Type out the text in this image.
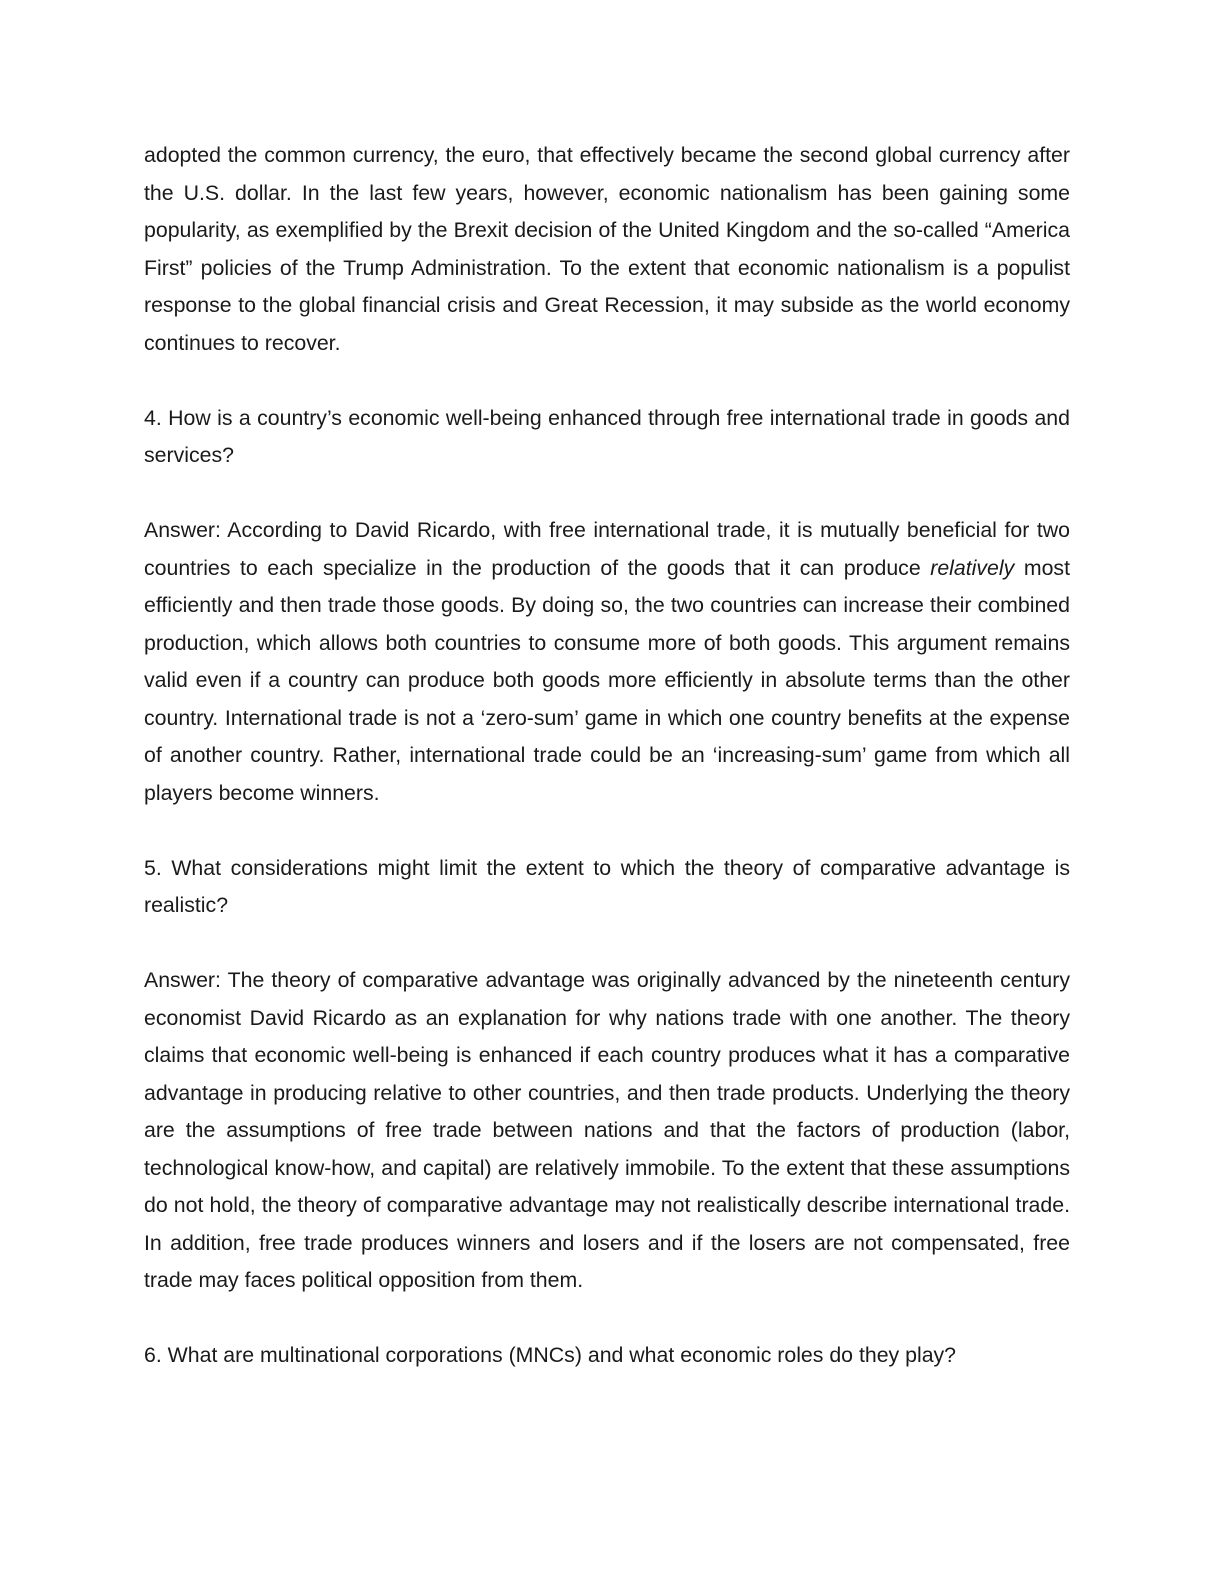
adopted the common currency, the euro, that effectively became the second global currency after the U.S. dollar. In the last few years, however, economic nationalism has been gaining some popularity, as exemplified by the Brexit decision of the United Kingdom and the so-called “America First” policies of the Trump Administration. To the extent that economic nationalism is a populist response to the global financial crisis and Great Recession, it may subside as the world economy continues to recover.

4. How is a country’s economic well-being enhanced through free international trade in goods and services?

Answer: According to David Ricardo, with free international trade, it is mutually beneficial for two countries to each specialize in the production of the goods that it can produce relatively most efficiently and then trade those goods. By doing so, the two countries can increase their combined production, which allows both countries to consume more of both goods. This argument remains valid even if a country can produce both goods more efficiently in absolute terms than the other country. International trade is not a ‘zero-sum’ game in which one country benefits at the expense of another country. Rather, international trade could be an ‘increasing-sum’ game from which all players become winners.

5. What considerations might limit the extent to which the theory of comparative advantage is realistic?

Answer: The theory of comparative advantage was originally advanced by the nineteenth century economist David Ricardo as an explanation for why nations trade with one another. The theory claims that economic well-being is enhanced if each country produces what it has a comparative advantage in producing relative to other countries, and then trade products. Underlying the theory are the assumptions of free trade between nations and that the factors of production (labor, technological know-how, and capital) are relatively immobile. To the extent that these assumptions do not hold, the theory of comparative advantage may not realistically describe international trade. In addition, free trade produces winners and losers and if the losers are not compensated, free trade may faces political opposition from them.

6. What are multinational corporations (MNCs) and what economic roles do they play?
